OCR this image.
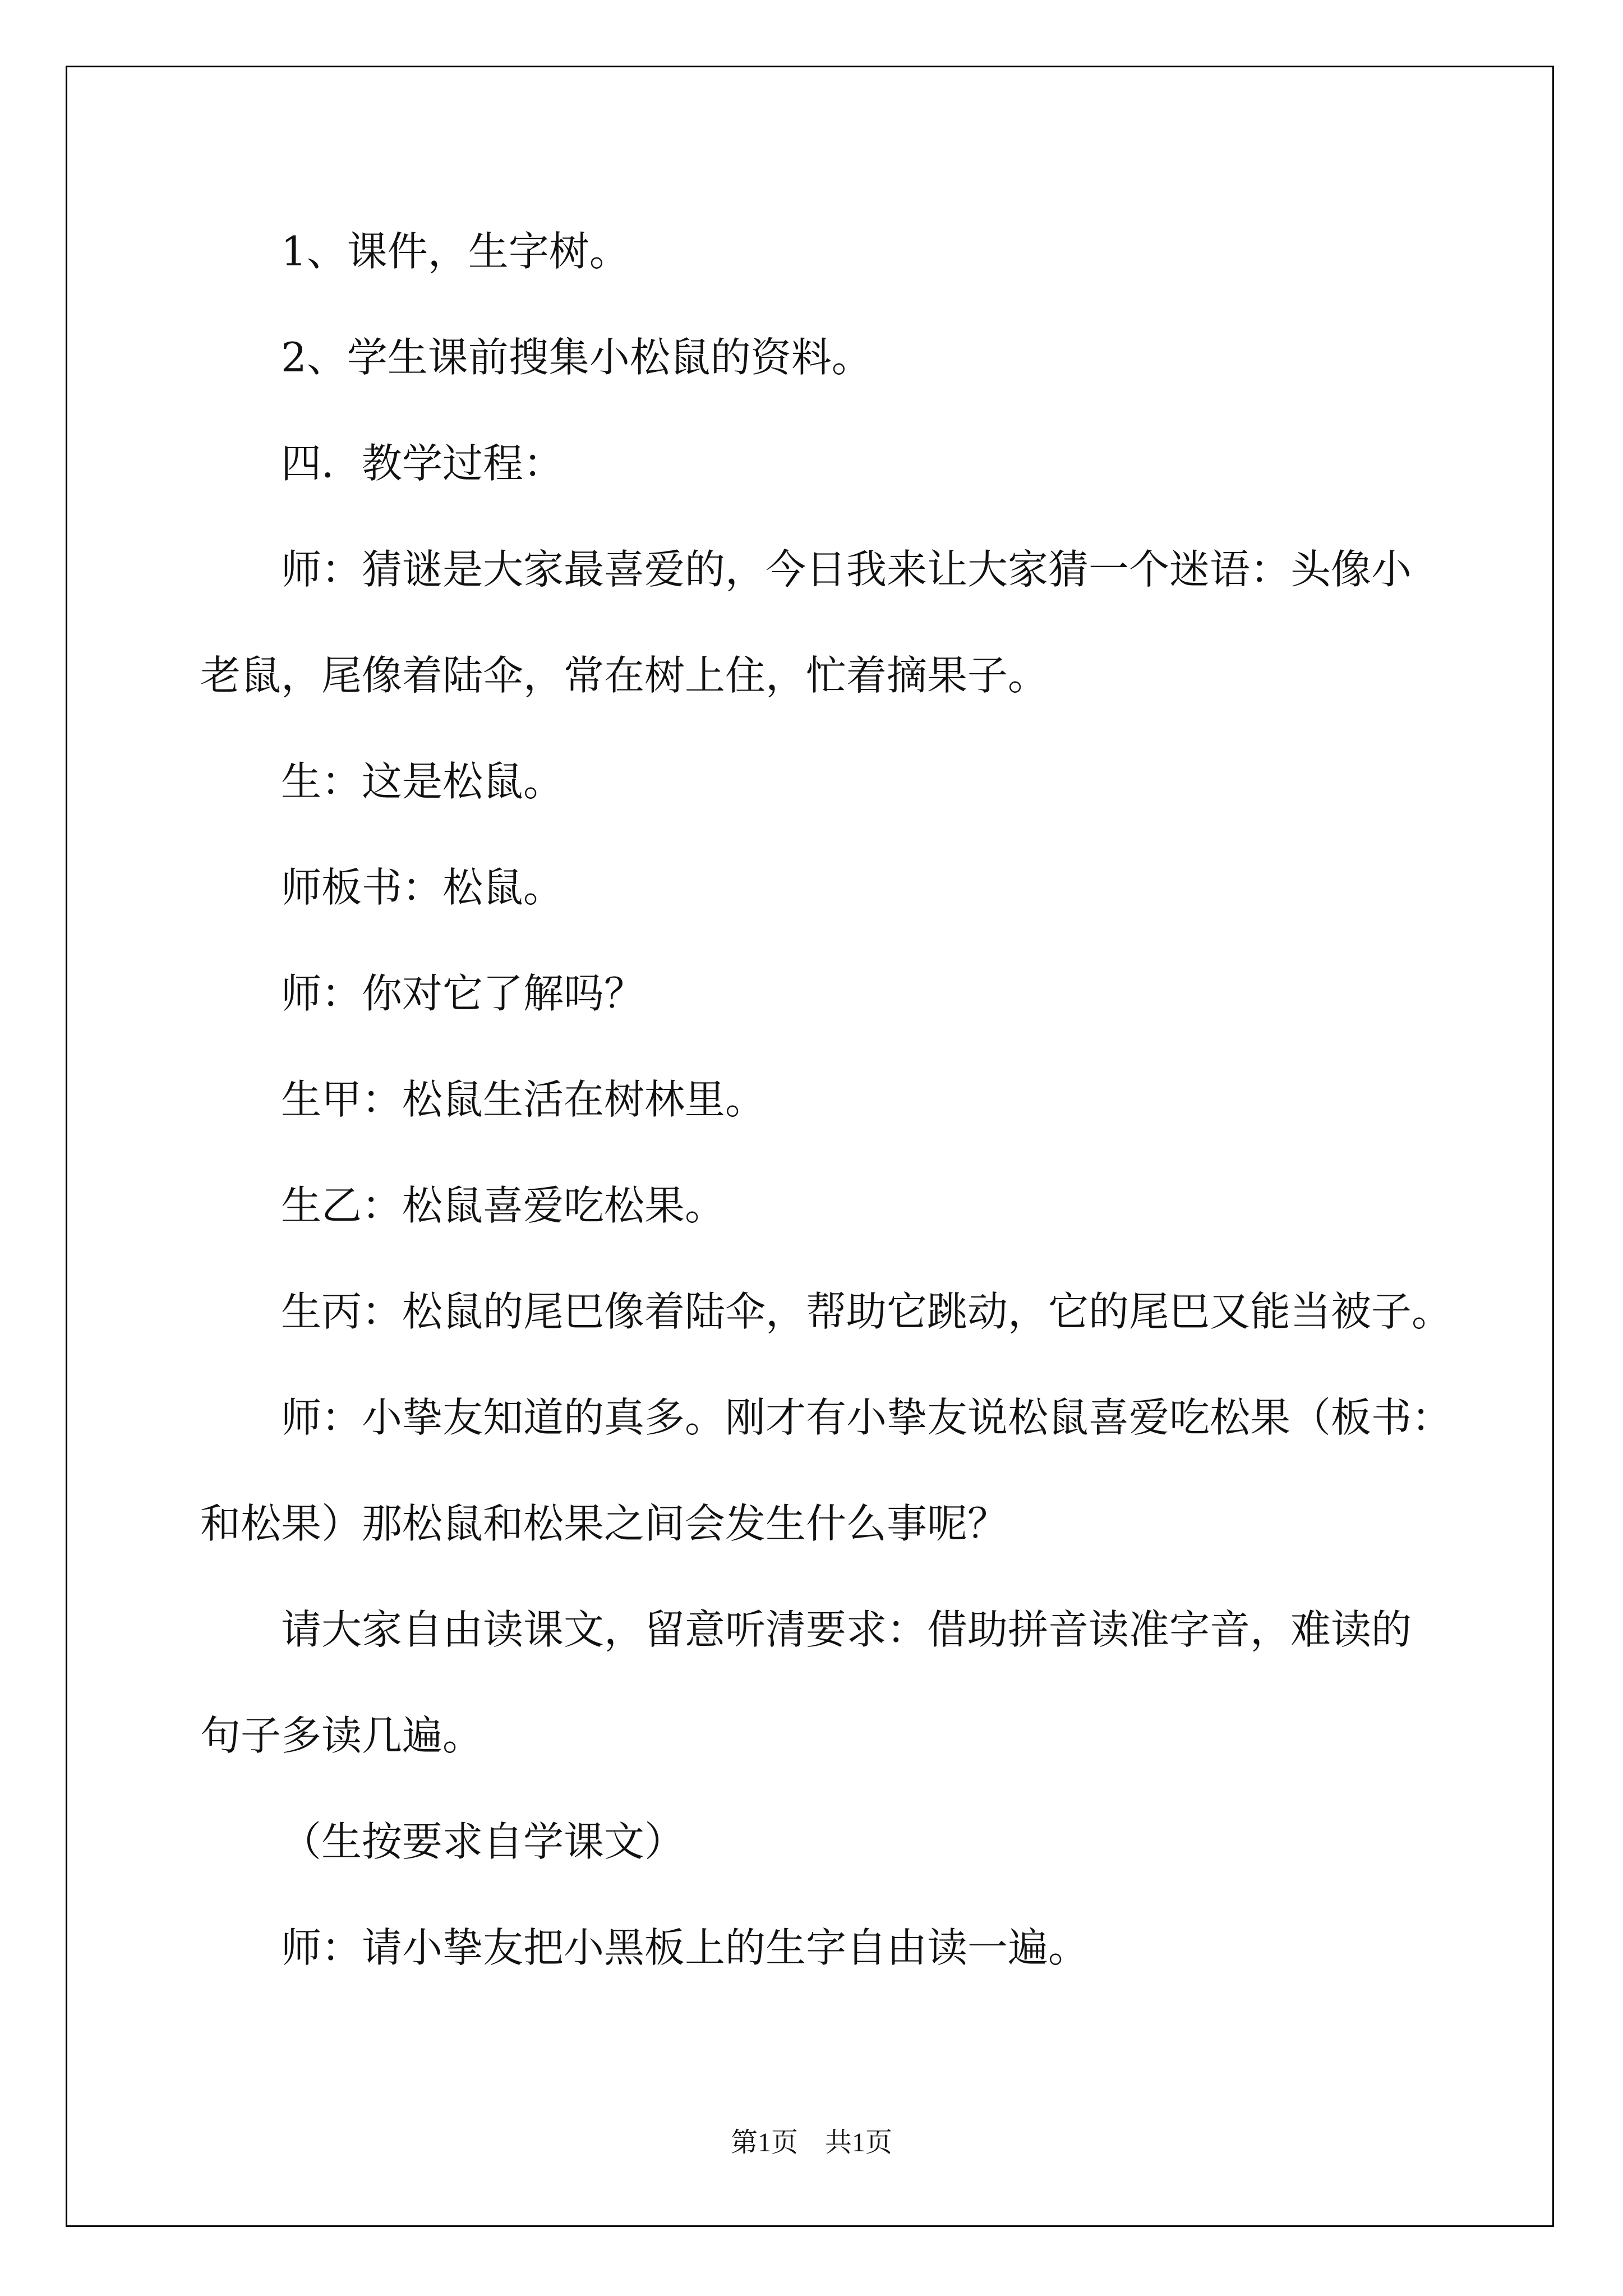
1、课件，生字树。
2、学生课前搜集小松鼠的资料。
四．教学过程：
师：猜谜是大家最喜爱的，今日我来让大家猜一个迷语：头像小
老鼠，尾像着陆伞，常在树上住，忙着摘果子。
生：这是松鼠。
师板书：松鼠。
师：你对它了解吗？
生甲：松鼠生活在树林里。
生乙：松鼠喜爱吃松果。
生丙：松鼠的尾巴像着陆伞，帮助它跳动，它的尾巴又能当被子。
师：小挚友知道的真多。刚才有小挚友说松鼠喜爱吃松果（板书：
和松果）那松鼠和松果之间会发生什么事呢？
请大家自由读课文，留意听清要求：借助拼音读准字音，难读的
句子多读几遍。
（生按要求自学课文）
师：请小挚友把小黑板上的生字自由读一遍。
第1页　共1页
